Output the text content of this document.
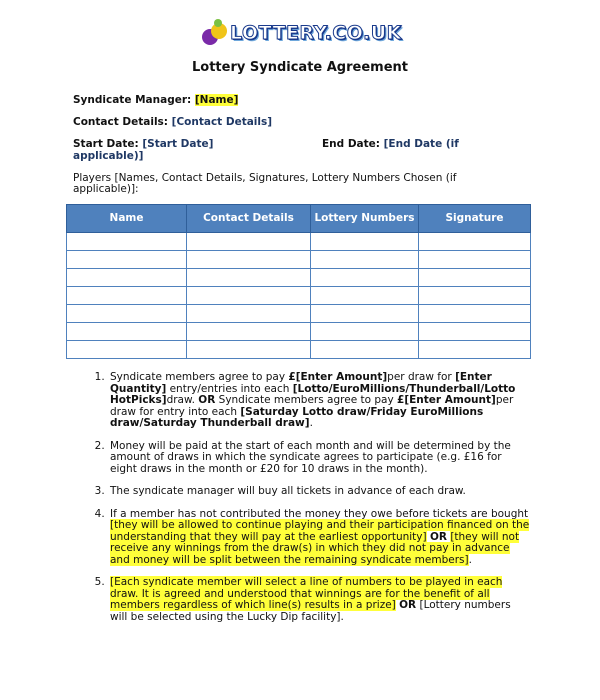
LOTTERY.CO.UK
Lottery Syndicate Agreement
Syndicate Manager: [Name]
Contact Details: [Contact Details]
Start Date: [Start Date]	End Date: [End Date (if
applicable)]
Players [Names, Contact Details, Signatures, Lottery Numbers Chosen (if
applicable)]:
Name	Contact Details	Lottery Numbers	Signature

1. Syndicate members agree to pay £[Enter Amount]per draw for [Enter Quantity] entry/entries into each [Lotto/EuroMillions/Thunderball/Lotto HotPicks]draw. OR Syndicate members agree to pay £[Enter Amount]per draw for entry into each [Saturday Lotto draw/Friday EuroMillions draw/Saturday Thunderball draw].
2. Money will be paid at the start of each month and will be determined by the amount of draws in which the syndicate agrees to participate (e.g. £16 for eight draws in the month or £20 for 10 draws in the month).
3. The syndicate manager will buy all tickets in advance of each draw.
4. If a member has not contributed the money they owe before tickets are bought [they will be allowed to continue playing and their participation financed on the understanding that they will pay at the earliest opportunity] OR [they will not receive any winnings from the draw(s) in which they did not pay in advance and money will be split between the remaining syndicate members].
5. [Each syndicate member will select a line of numbers to be played in each draw. It is agreed and understood that winnings are for the benefit of all members regardless of which line(s) results in a prize] OR [Lottery numbers will be selected using the Lucky Dip facility].
